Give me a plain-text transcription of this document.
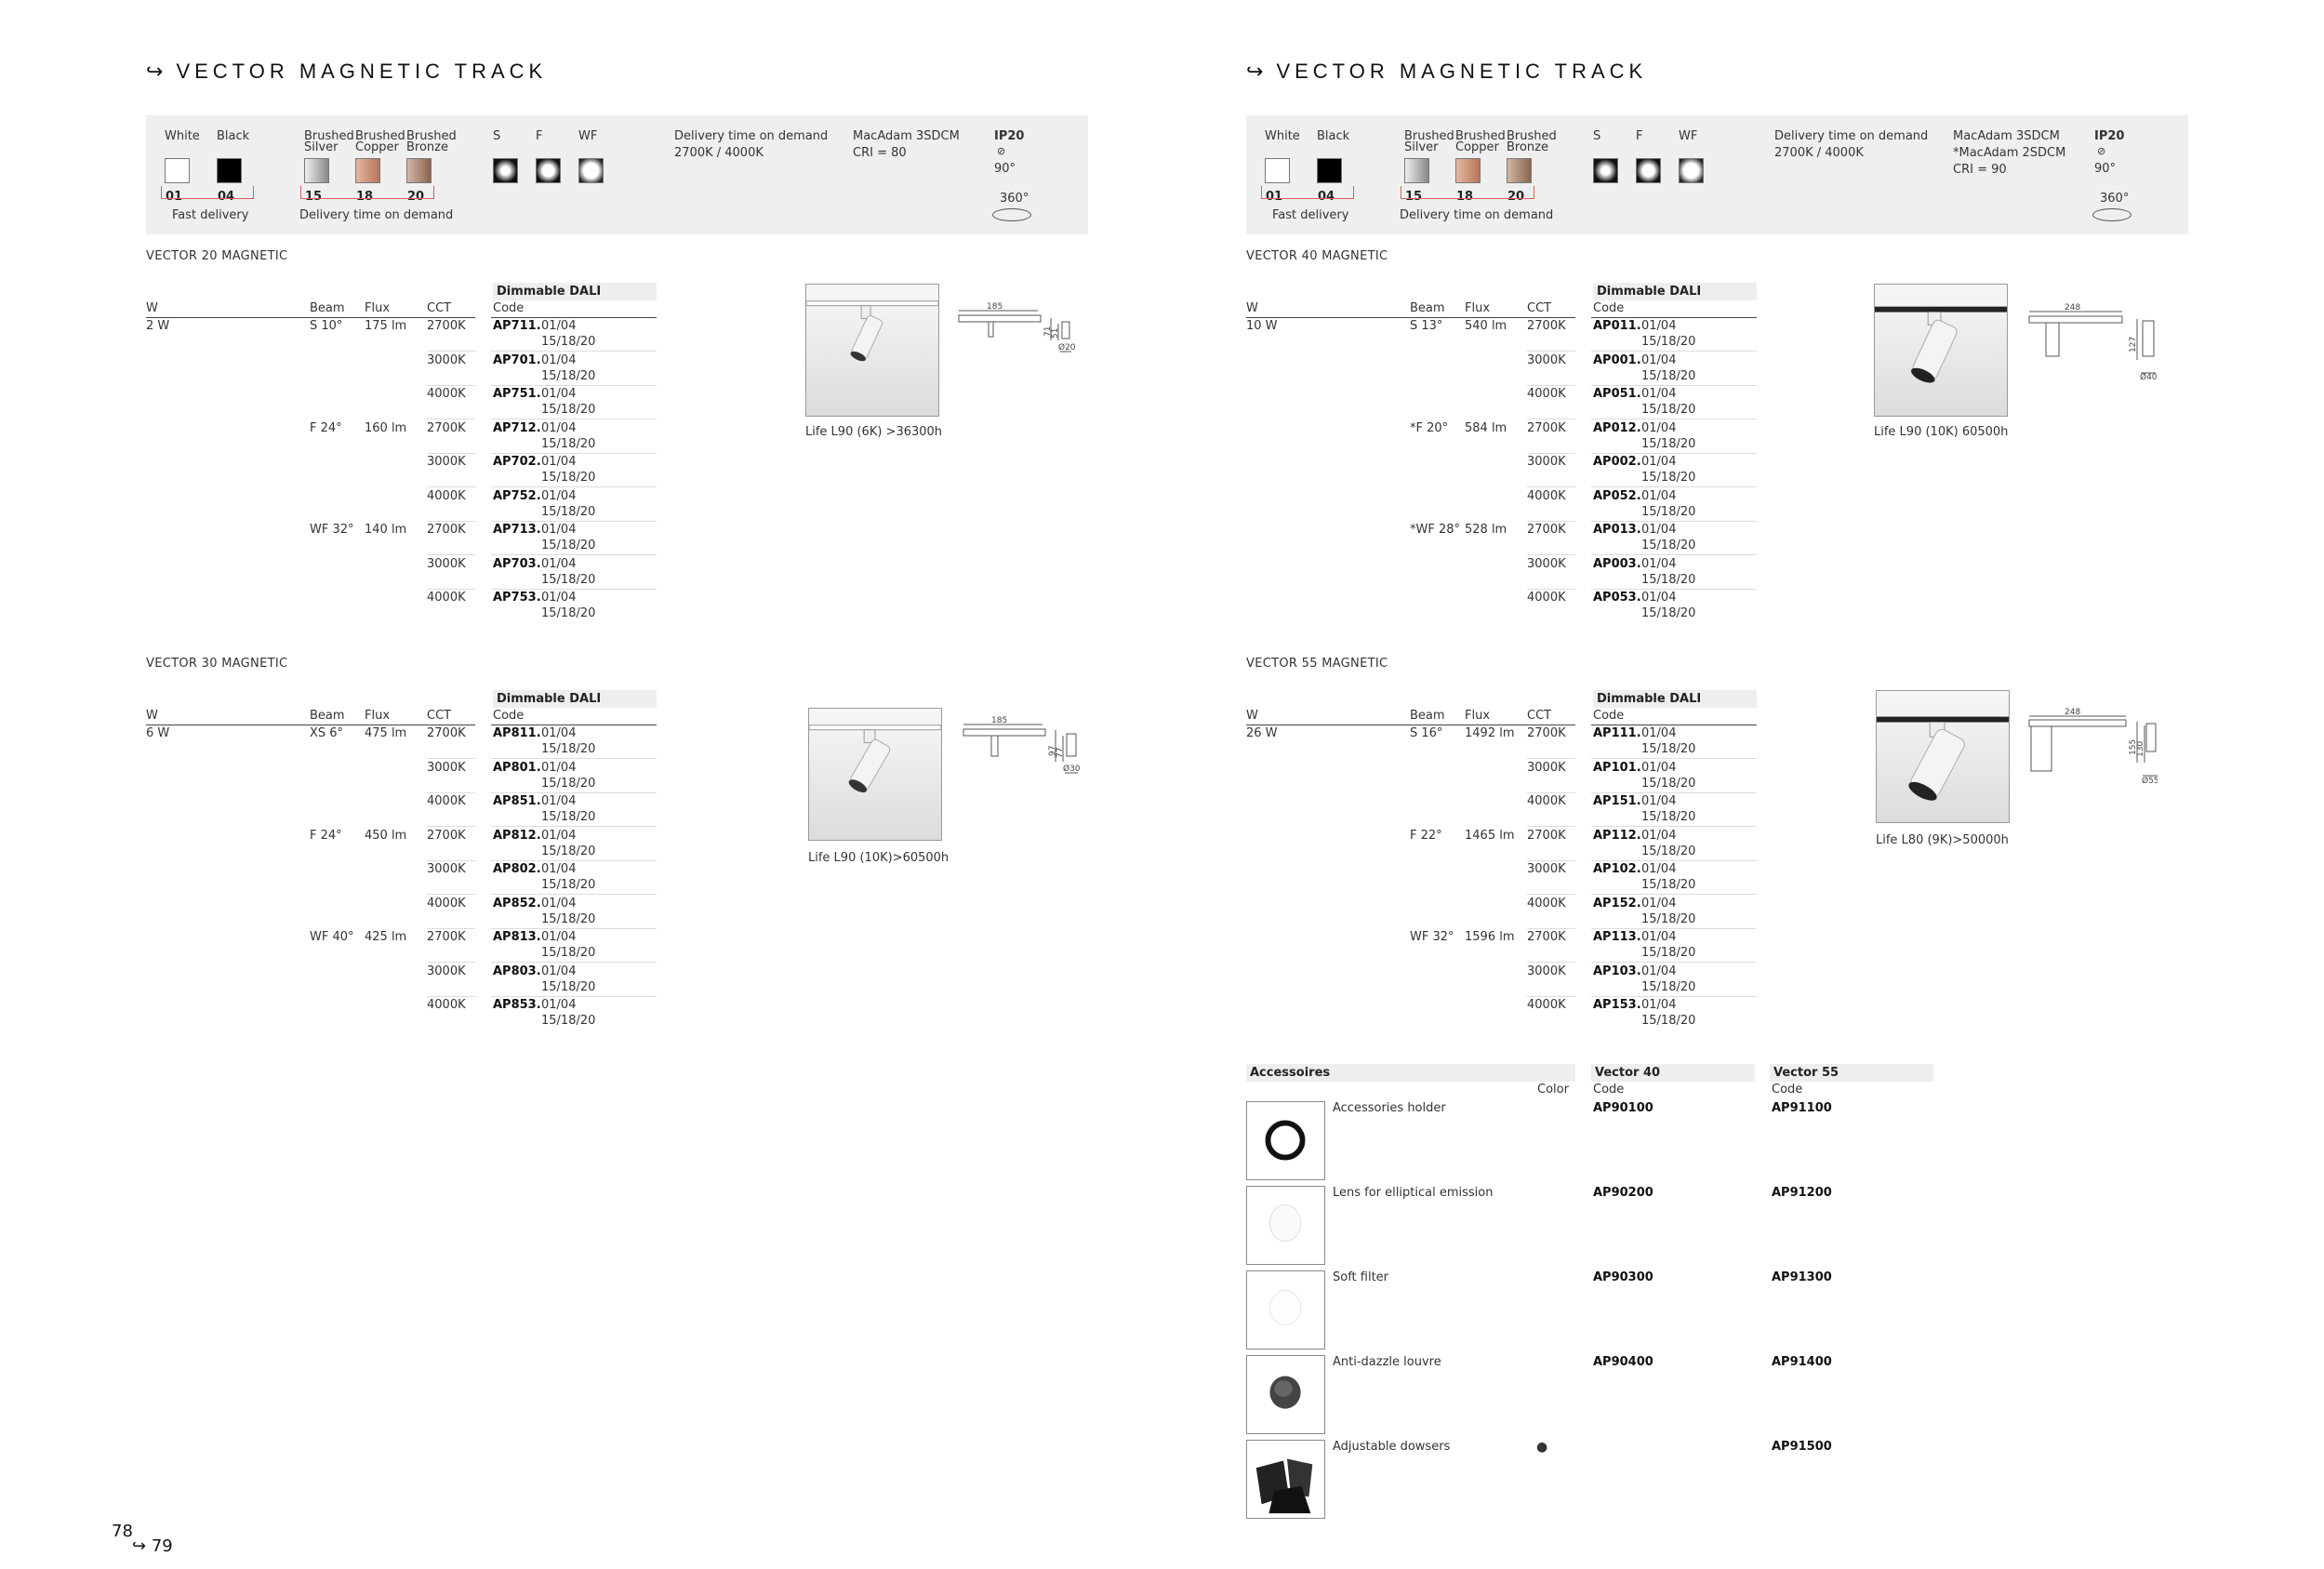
↪ VECTOR MAGNETIC TRACK	↪ VECTOR MAGNETIC TRACK
White Black	Brushed
Silver
Brushed
Copper
Brushed
Bronze
S	F	WF
01	04	15	18	20
Fast delivery	Delivery time on demand
Delivery time on demand
2700K / 4000K
MacAdam 3SDCM
CRI = 80
IP20
⊘
90°
360°
White Black	Brushed
Silver
Brushed
Copper
Brushed
Bronze
S	F	WF
01	04	15	18	20
Fast delivery	Delivery time on demand
Delivery time on demand
2700K / 4000K
MacAdam 3SDCM
*MacAdam 2SDCM
CRI = 90
IP20
⊘
90°
360°
VECTOR 20 MAGNETIC
Dimmable DALI
W	Beam Flux	CCT	Code
2 W	S 10° 175 lm 2700K AP711. 01/04
15/18/20
3000K AP701. 01/04
15/18/20
4000K AP751. 01/04
15/18/20
F 24° 160 lm 2700K AP712. 01/04
15/18/20
3000K AP702. 01/04
15/18/20
4000K AP752. 01/04
15/18/20
WF 32° 140 lm 2700K AP713. 01/04
15/18/20
3000K AP703. 01/04
15/18/20
4000K AP753. 01/04
15/18/20
VECTOR 30 MAGNETIC
Dimmable DALI
W	Beam Flux	CCT	Code
6 W	XS 6° 475 lm 2700K AP811. 01/04
15/18/20
3000K AP801. 01/04
15/18/20
4000K AP851. 01/04
15/18/20
F 24° 450 lm 2700K AP812. 01/04
15/18/20
3000K AP802. 01/04
15/18/20
4000K AP852. 01/04
15/18/20
WF 40° 425 lm 2700K AP813. 01/04
15/18/20
3000K AP803. 01/04
15/18/20
4000K AP853. 01/04
15/18/20
VECTOR 40 MAGNETIC
Dimmable DALI
W	Beam Flux	CCT	Code
10 W	S 13° 540 lm 2700K AP011. 01/04
15/18/20
3000K AP001. 01/04
15/18/20
4000K AP051. 01/04
15/18/20
*F 20° 584 lm 2700K AP012. 01/04
15/18/20
3000K AP002. 01/04
15/18/20
4000K AP052. 01/04
15/18/20
*WF 28° 528 lm 2700K AP013. 01/04
15/18/20
3000K AP003. 01/04
15/18/20
4000K AP053. 01/04
15/18/20
VECTOR 55 MAGNETIC
Dimmable DALI
W	Beam Flux	CCT	Code
26 W	S 16° 1492 lm 2700K AP111. 01/04
15/18/20
3000K AP101. 01/04
15/18/20
4000K AP151. 01/04
15/18/20
F 22° 1465 lm 2700K AP112. 01/04
15/18/20
3000K AP102. 01/04
15/18/20
4000K AP152. 01/04
15/18/20
WF 32° 1596 lm 2700K AP113. 01/04
15/18/20
3000K AP103. 01/04
15/18/20
4000K AP153. 01/04
15/18/20
Life L90 (6K) >36300h
Life L90 (10K)>60500h
Life L90 (10K) 60500h
Life L80 (9K)>50000h
185
71
51
Ø20
185
97
77
Ø30
248
127
Ø40
248
155
130
Ø55
Accessoires	Vector 40	Vector 55
Color Code	Code
Accessories holder	AP90100	AP91100
Lens for elliptical emission	AP90200	AP91200
Soft filter	AP90300	AP91300
Anti-dazzle louvre	AP90400	AP91400
Adjustable dowsers	●	AP91500
78
↪ 79
